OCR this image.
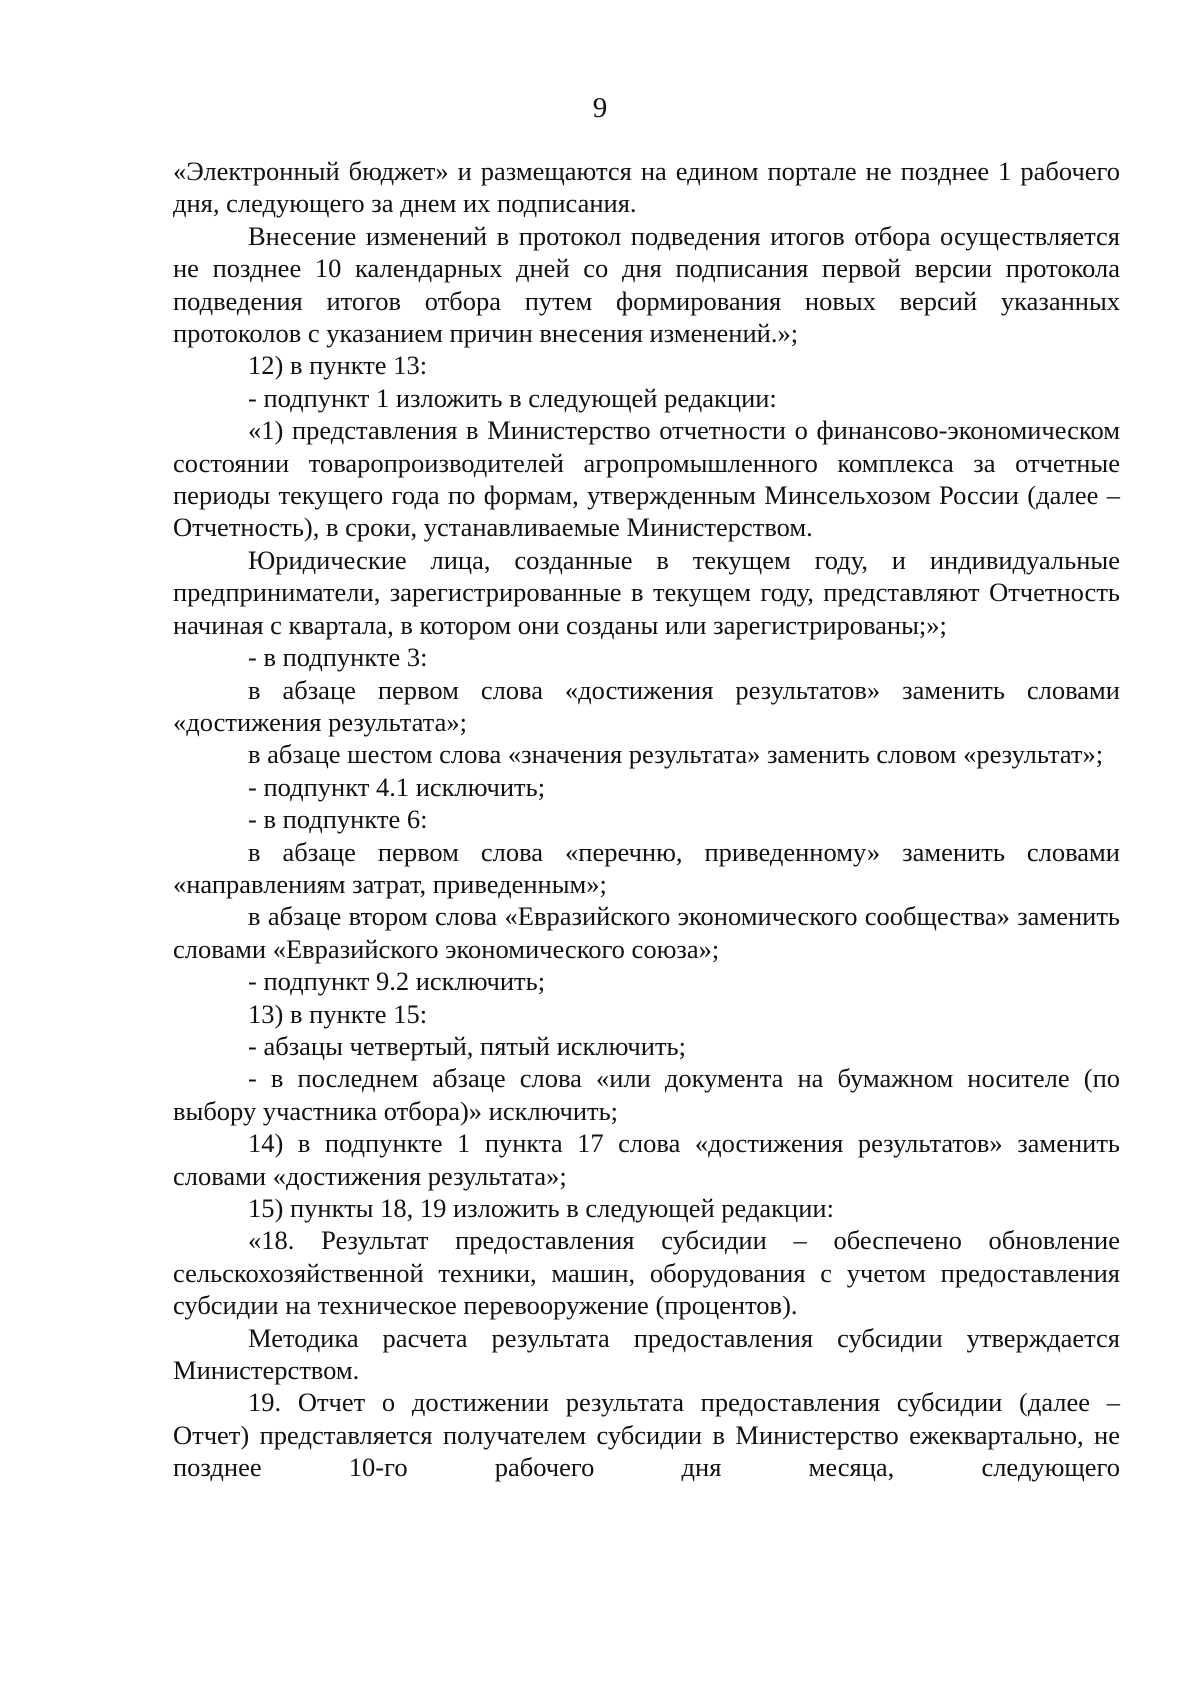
9

«Электронный бюджет» и размещаются на едином портале не позднее 1 рабочего дня, следующего за днем их подписания.

Внесение изменений в протокол подведения итогов отбора осуществляется не позднее 10 календарных дней со дня подписания первой версии протокола подведения итогов отбора путем формирования новых версий указанных протоколов с указанием причин внесения изменений.»;

12) в пункте 13:

- подпункт 1 изложить в следующей редакции:

«1) представления в Министерство отчетности о финансово-экономическом состоянии товаропроизводителей агропромышленного комплекса за отчетные периоды текущего года по формам, утвержденным Минсельхозом России (далее – Отчетность), в сроки, устанавливаемые Министерством.

Юридические лица, созданные в текущем году, и индивидуальные предприниматели, зарегистрированные в текущем году, представляют Отчетность начиная с квартала, в котором они созданы или зарегистрированы;»;

- в подпункте 3:

в абзаце первом слова «достижения результатов» заменить словами «достижения результата»;

в абзаце шестом слова «значения результата» заменить словом «результат»;

- подпункт 4.1 исключить;

- в подпункте 6:

в абзаце первом слова «перечню, приведенному» заменить словами «направлениям затрат, приведенным»;

в абзаце втором слова «Евразийского экономического сообщества» заменить словами «Евразийского экономического союза»;

- подпункт 9.2 исключить;

13) в пункте 15:

- абзацы четвертый, пятый исключить;

- в последнем абзаце слова «или документа на бумажном носителе (по выбору участника отбора)» исключить;

14) в подпункте 1 пункта 17 слова «достижения результатов» заменить словами «достижения результата»;

15) пункты 18, 19 изложить в следующей редакции:

«18. Результат предоставления субсидии – обеспечено обновление сельскохозяйственной техники, машин, оборудования с учетом предоставления субсидии на техническое перевооружение (процентов).

Методика расчета результата предоставления субсидии утверждается Министерством.

19. Отчет о достижении результата предоставления субсидии (далее – Отчет) представляется получателем субсидии в Министерство ежеквартально, не позднее 10-го рабочего дня месяца, следующего
